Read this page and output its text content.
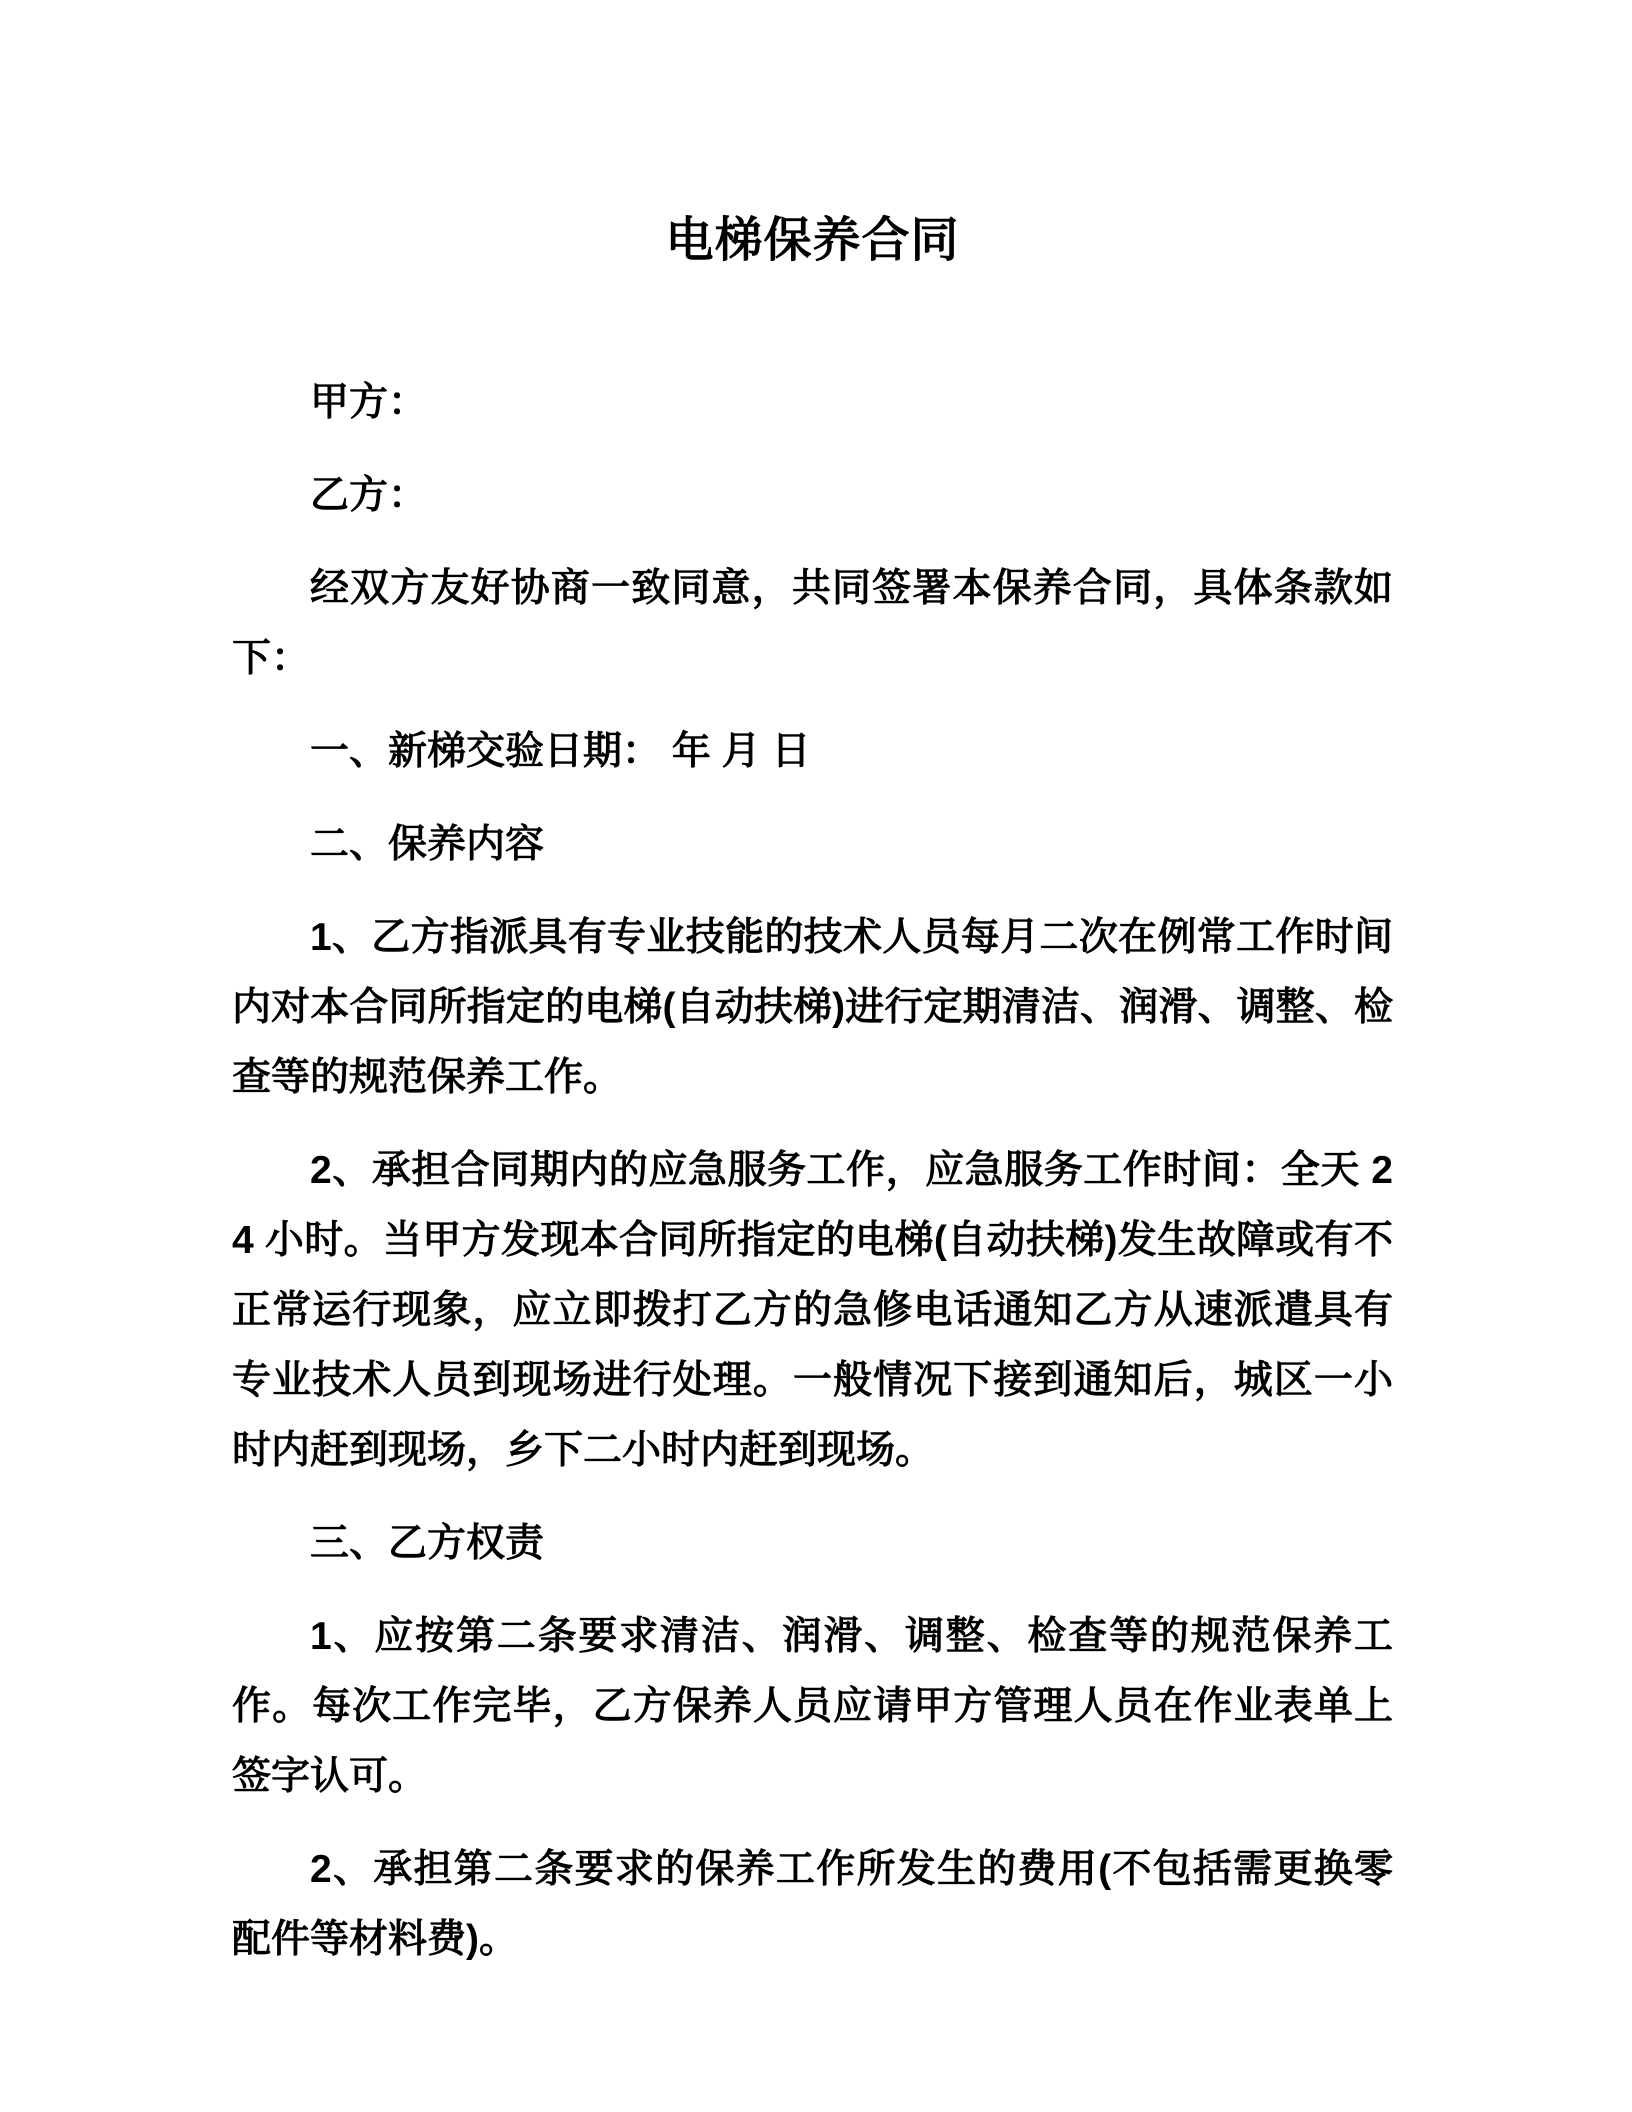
电梯保养合同

甲方：

乙方：

经双方友好协商一致同意，共同签署本保养合同，具体条款如下：

一、新梯交验日期： 年 月 日

二、保养内容

1、乙方指派具有专业技能的技术人员每月二次在例常工作时间内对本合同所指定的电梯(自动扶梯)进行定期清洁、润滑、调整、检查等的规范保养工作。

2、承担合同期内的应急服务工作，应急服务工作时间：全天 24 小时。当甲方发现本合同所指定的电梯(自动扶梯)发生故障或有不正常运行现象，应立即拨打乙方的急修电话通知乙方从速派遣具有专业技术人员到现场进行处理。一般情况下接到通知后，城区一小时内赶到现场，乡下二小时内赶到现场。

三、乙方权责

1、应按第二条要求清洁、润滑、调整、检查等的规范保养工作。每次工作完毕，乙方保养人员应请甲方管理人员在作业表单上签字认可。

2、承担第二条要求的保养工作所发生的费用(不包括需更换零配件等材料费)。
